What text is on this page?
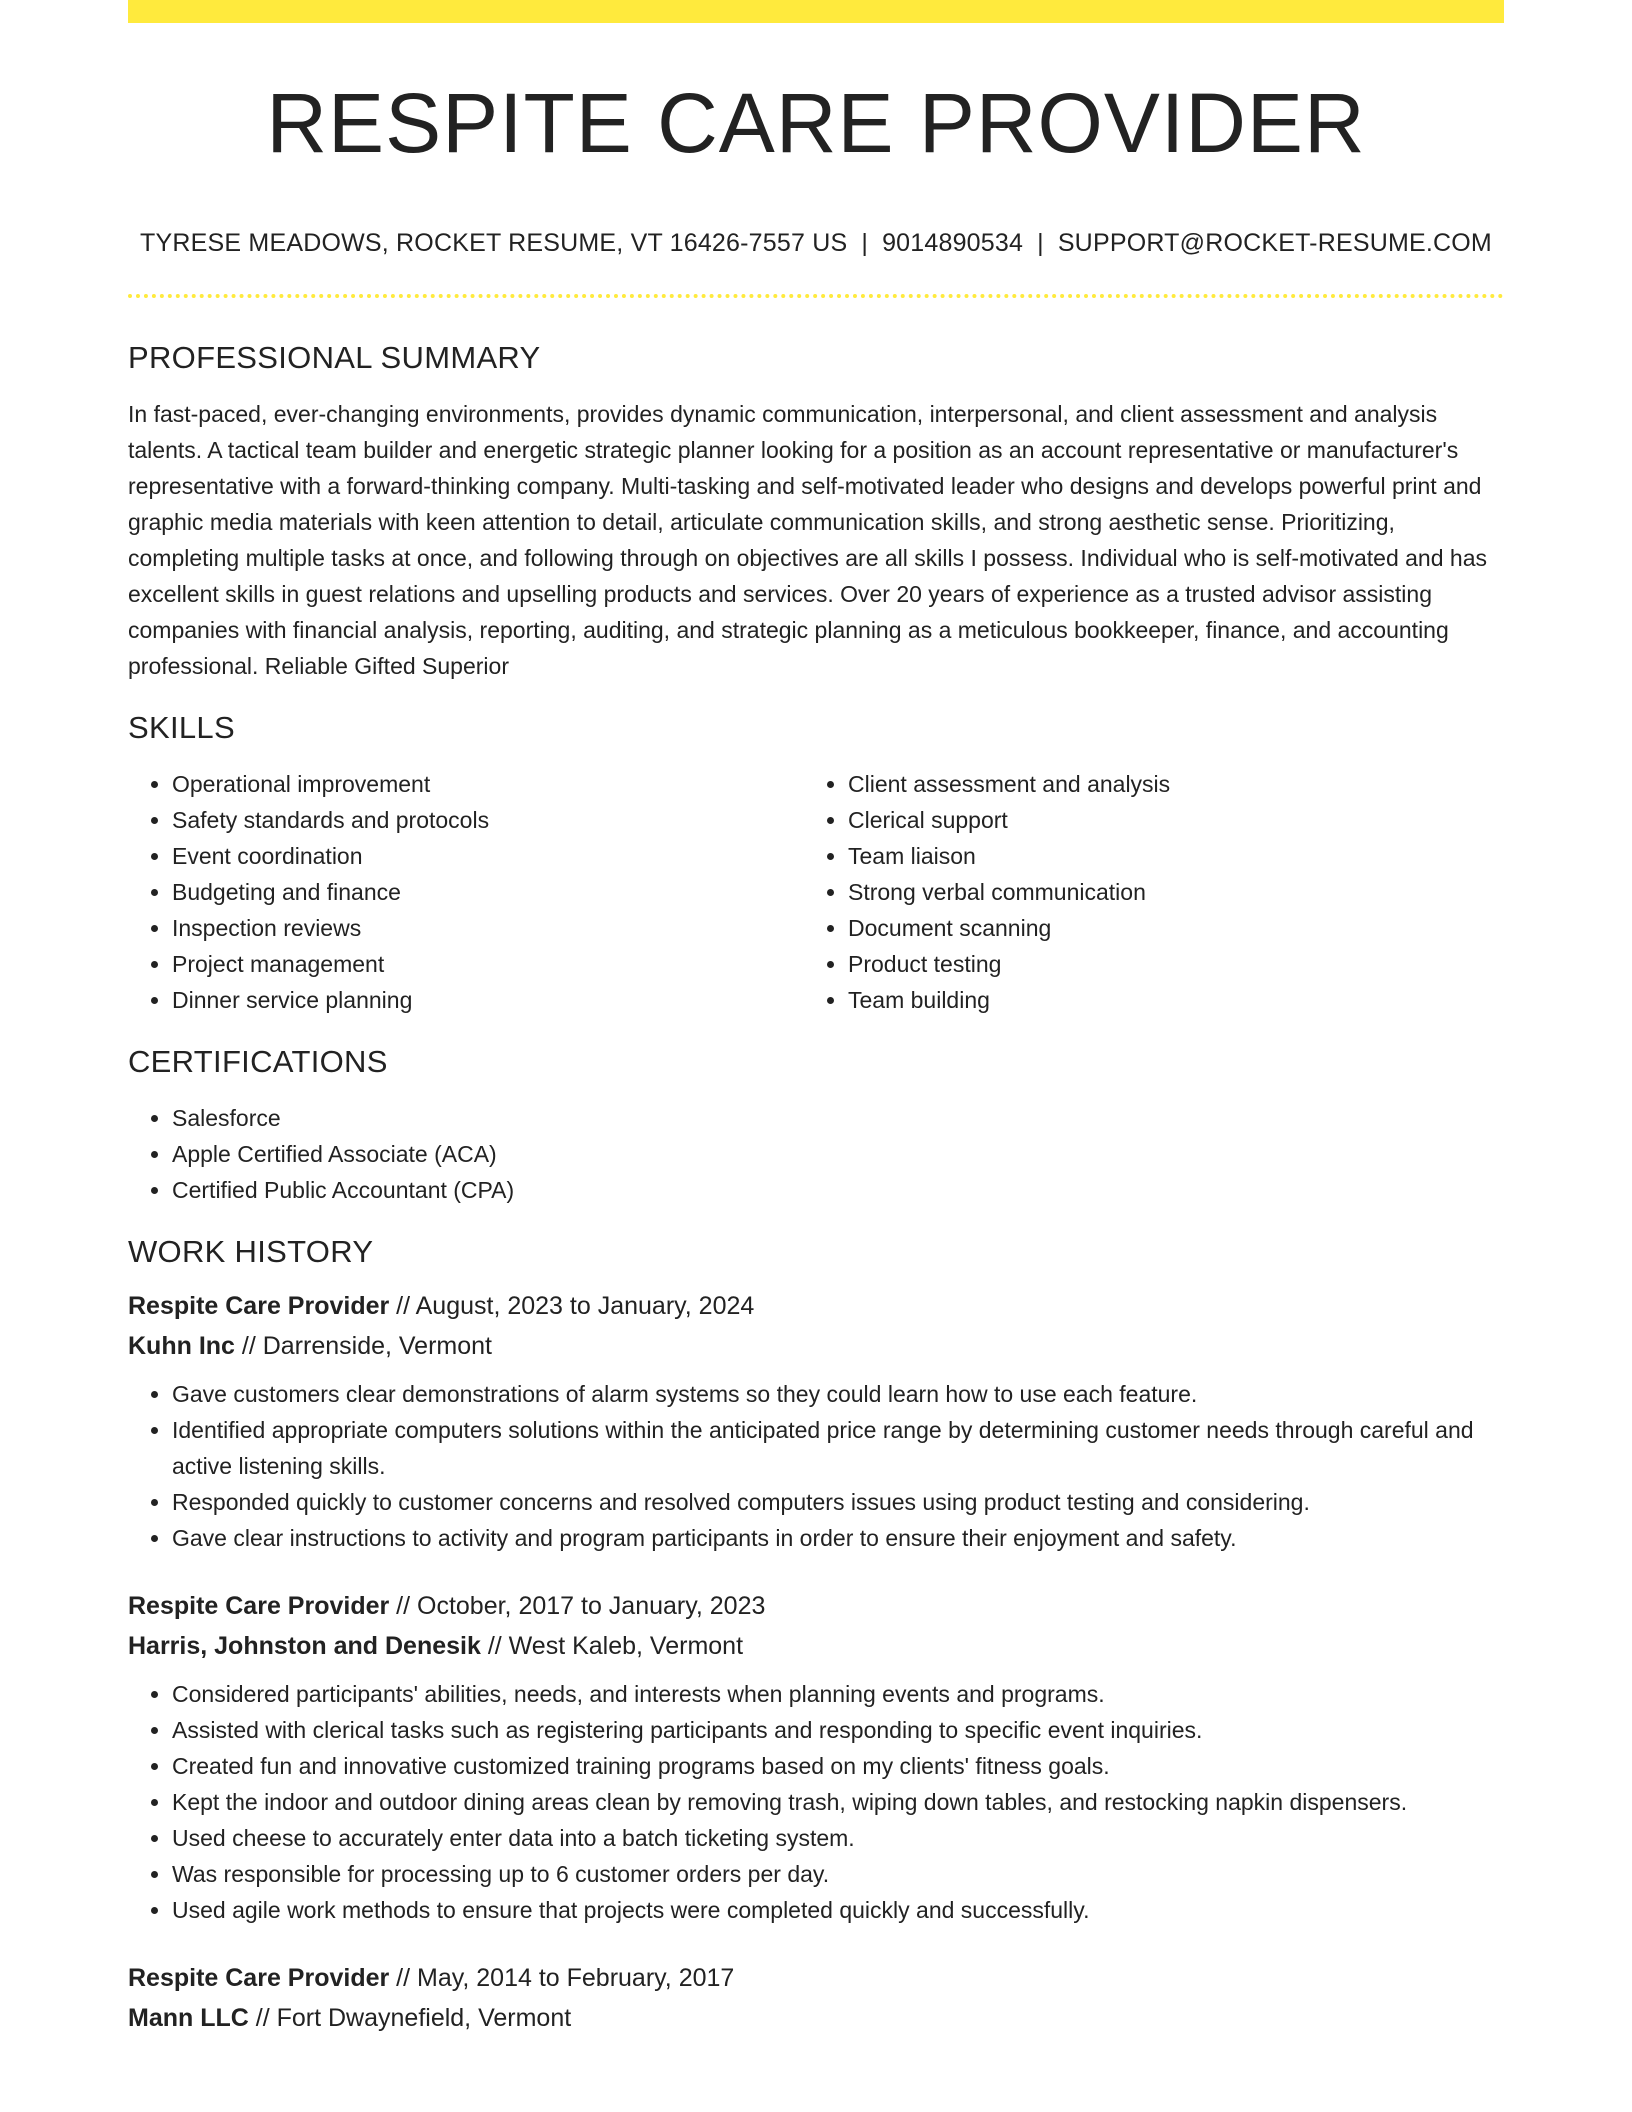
RESPITE CARE PROVIDER
TYRESE MEADOWS, ROCKET RESUME, VT 16426-7557 US | 9014890534 | SUPPORT@ROCKET-RESUME.COM
PROFESSIONAL SUMMARY
In fast-paced, ever-changing environments, provides dynamic communication, interpersonal, and client assessment and analysis talents. A tactical team builder and energetic strategic planner looking for a position as an account representative or manufacturer's representative with a forward-thinking company. Multi-tasking and self-motivated leader who designs and develops powerful print and graphic media materials with keen attention to detail, articulate communication skills, and strong aesthetic sense. Prioritizing, completing multiple tasks at once, and following through on objectives are all skills I possess. Individual who is self-motivated and has excellent skills in guest relations and upselling products and services. Over 20 years of experience as a trusted advisor assisting companies with financial analysis, reporting, auditing, and strategic planning as a meticulous bookkeeper, finance, and accounting professional. Reliable Gifted Superior
SKILLS
• Operational improvement
• Safety standards and protocols
• Event coordination
• Budgeting and finance
• Inspection reviews
• Project management
• Dinner service planning
• Client assessment and analysis
• Clerical support
• Team liaison
• Strong verbal communication
• Document scanning
• Product testing
• Team building
CERTIFICATIONS
• Salesforce
• Apple Certified Associate (ACA)
• Certified Public Accountant (CPA)
WORK HISTORY
Respite Care Provider // August, 2023 to January, 2024
Kuhn Inc // Darrenside, Vermont
• Gave customers clear demonstrations of alarm systems so they could learn how to use each feature.
• Identified appropriate computers solutions within the anticipated price range by determining customer needs through careful and active listening skills.
• Responded quickly to customer concerns and resolved computers issues using product testing and considering.
• Gave clear instructions to activity and program participants in order to ensure their enjoyment and safety.
Respite Care Provider // October, 2017 to January, 2023
Harris, Johnston and Denesik // West Kaleb, Vermont
• Considered participants' abilities, needs, and interests when planning events and programs.
• Assisted with clerical tasks such as registering participants and responding to specific event inquiries.
• Created fun and innovative customized training programs based on my clients' fitness goals.
• Kept the indoor and outdoor dining areas clean by removing trash, wiping down tables, and restocking napkin dispensers.
• Used cheese to accurately enter data into a batch ticketing system.
• Was responsible for processing up to 6 customer orders per day.
• Used agile work methods to ensure that projects were completed quickly and successfully.
Respite Care Provider // May, 2014 to February, 2017
Mann LLC // Fort Dwaynefield, Vermont
